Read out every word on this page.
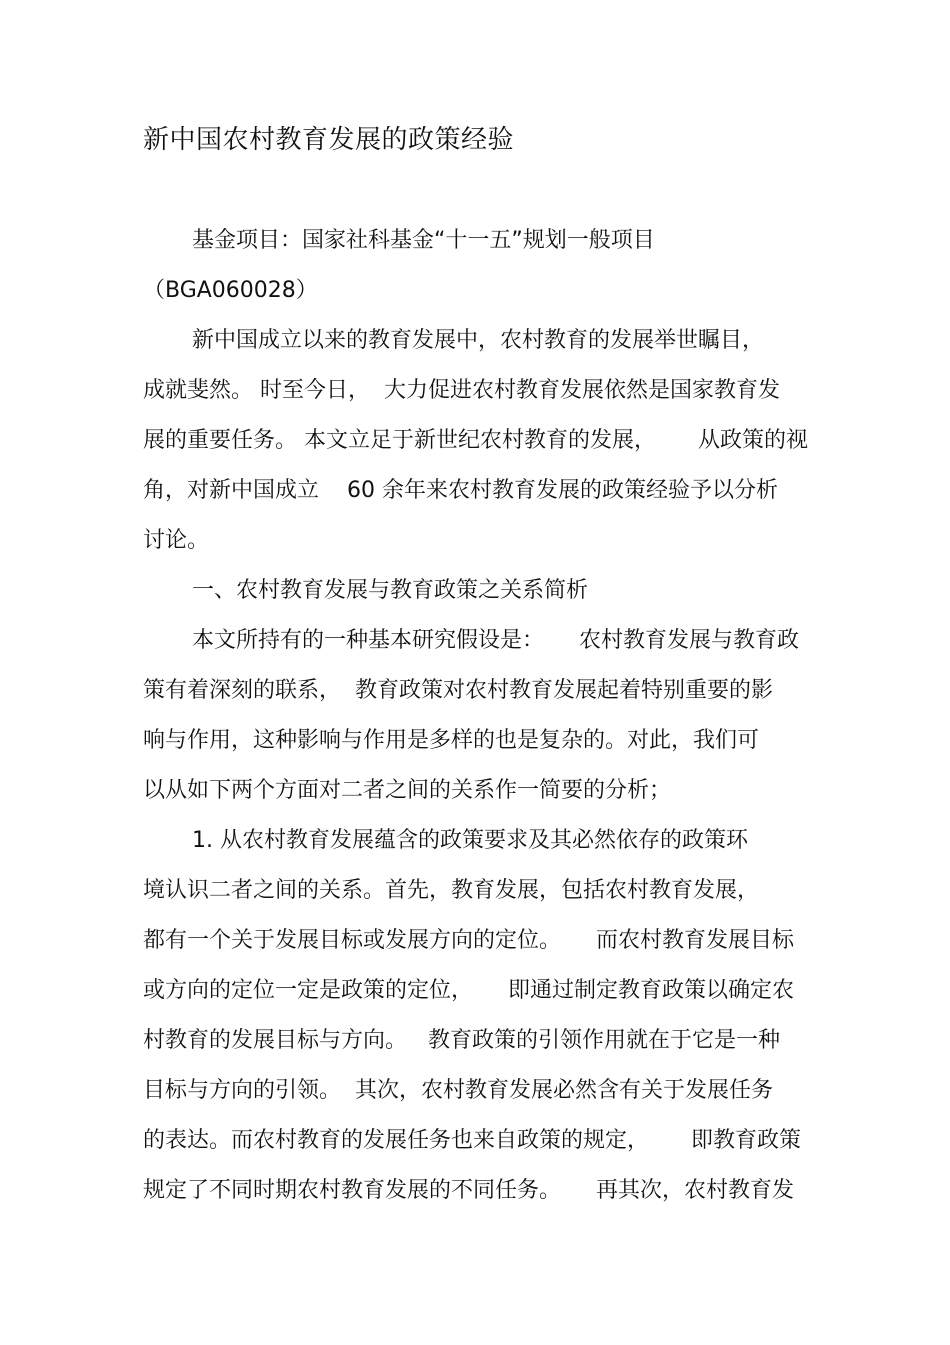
新中国农村教育发展的政策经验
基金项目：国家社科基金“十一五”规划一般项目
（BGA060028）
新中国成立以来的教育发展中，农村教育的发展举世瞩目，
成就斐然。 时至今日，  大力促进农村教育发展依然是国家教育发
展的重要任务。 本文立足于新世纪农村教育的发展，      从政策的视
角，对新中国成立    60 余年来农村教育发展的政策经验予以分析
讨论。
一、农村教育发展与教育政策之关系简析
本文所持有的一种基本研究假设是：     农村教育发展与教育政
策有着深刻的联系，  教育政策对农村教育发展起着特别重要的影
响与作用，这种影响与作用是多样的也是复杂的。对此，我们可
以从如下两个方面对二者之间的关系作一简要的分析；
1. 从农村教育发展蕴含的政策要求及其必然依存的政策环
境认识二者之间的关系。首先，教育发展，包括农村教育发展，
都有一个关于发展目标或发展方向的定位。     而农村教育发展目标
或方向的定位一定是政策的定位，     即通过制定教育政策以确定农
村教育的发展目标与方向。   教育政策的引领作用就在于它是一种
目标与方向的引领。  其次，农村教育发展必然含有关于发展任务
的表达。而农村教育的发展任务也来自政策的规定，      即教育政策
规定了不同时期农村教育发展的不同任务。     再其次，农村教育发
